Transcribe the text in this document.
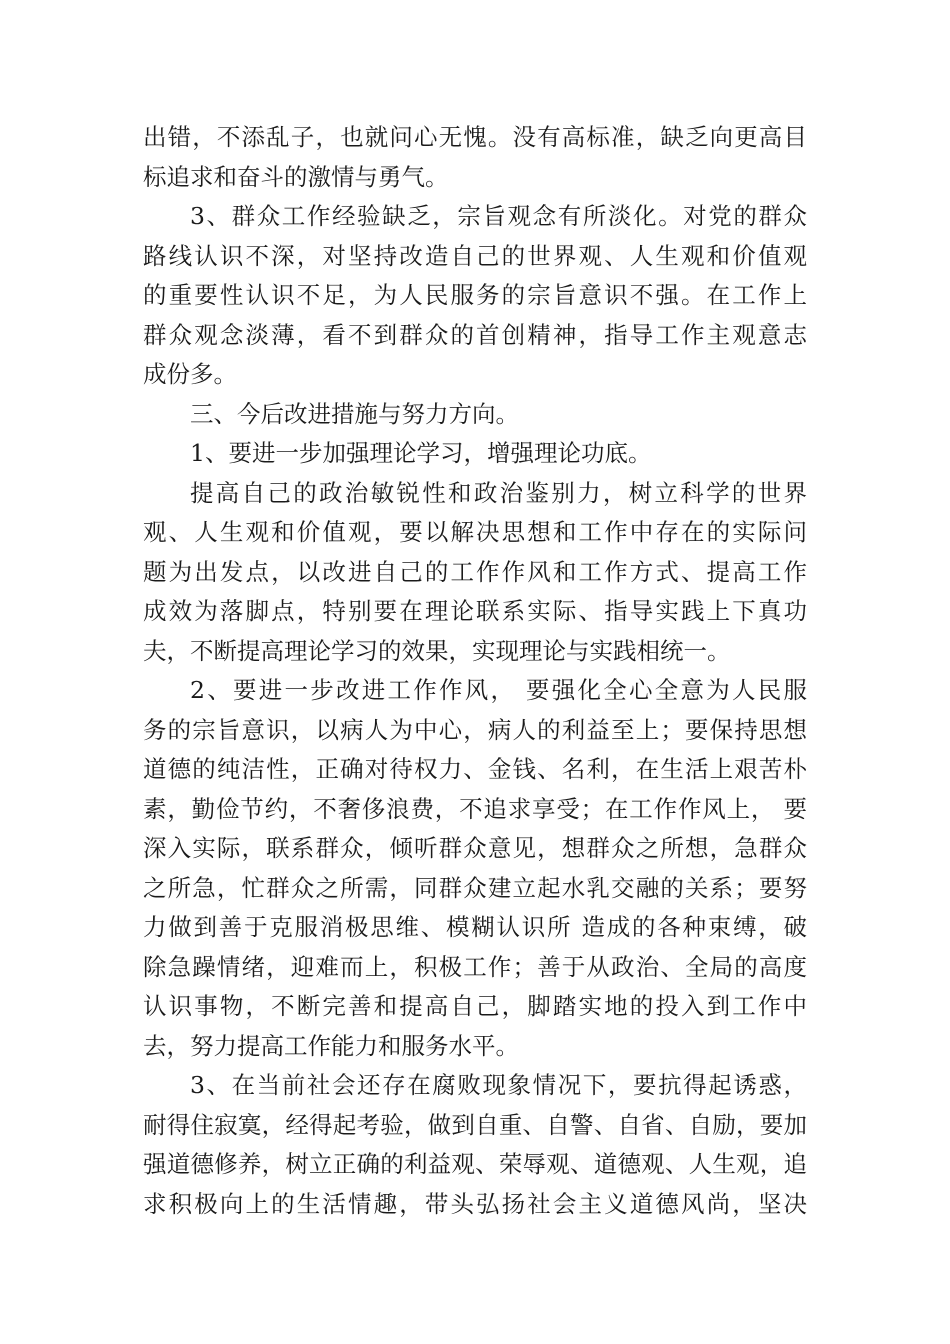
出错，不添乱子，也就问心无愧。没有高标准，缺乏向更高目
标追求和奋斗的激情与勇气。
3、群众工作经验缺乏，宗旨观念有所淡化。对党的群众
路线认识不深，对坚持改造自己的世界观、人生观和价值观
的重要性认识不足，为人民服务的宗旨意识不强。在工作上
群众观念淡薄，看不到群众的首创精神，指导工作主观意志
成份多。
三、今后改进措施与努力方向。
1、要进一步加强理论学习，增强理论功底。
提高自己的政治敏锐性和政治鉴别力，树立科学的世界
观、人生观和价值观，要以解决思想和工作中存在的实际问
题为出发点，以改进自己的工作作风和工作方式、提高工作
成效为落脚点，特别要在理论联系实际、指导实践上下真功
夫，不断提高理论学习的效果，实现理论与实践相统一。
2、要进一步改进工作作风， 要强化全心全意为人民服
务的宗旨意识，以病人为中心，病人的利益至上；要保持思想
道德的纯洁性，正确对待权力、金钱、名利，在生活上艰苦朴
素，勤俭节约，不奢侈浪费，不追求享受；在工作作风上， 要
深入实际，联系群众，倾听群众意见，想群众之所想，急群众
之所急，忙群众之所需，同群众建立起水乳交融的关系；要努
力做到善于克服消极思维、模糊认识所 造成的各种束缚，破
除急躁情绪，迎难而上，积极工作；善于从政治、全局的高度
认识事物，不断完善和提高自己，脚踏实地的投入到工作中
去，努力提高工作能力和服务水平。
3、在当前社会还存在腐败现象情况下，要抗得起诱惑，
耐得住寂寞，经得起考验，做到自重、自警、自省、自励，要加
强道德修养，树立正确的利益观、荣辱观、道德观、人生观，追
求积极向上的生活情趣，带头弘扬社会主义道德风尚，坚决
